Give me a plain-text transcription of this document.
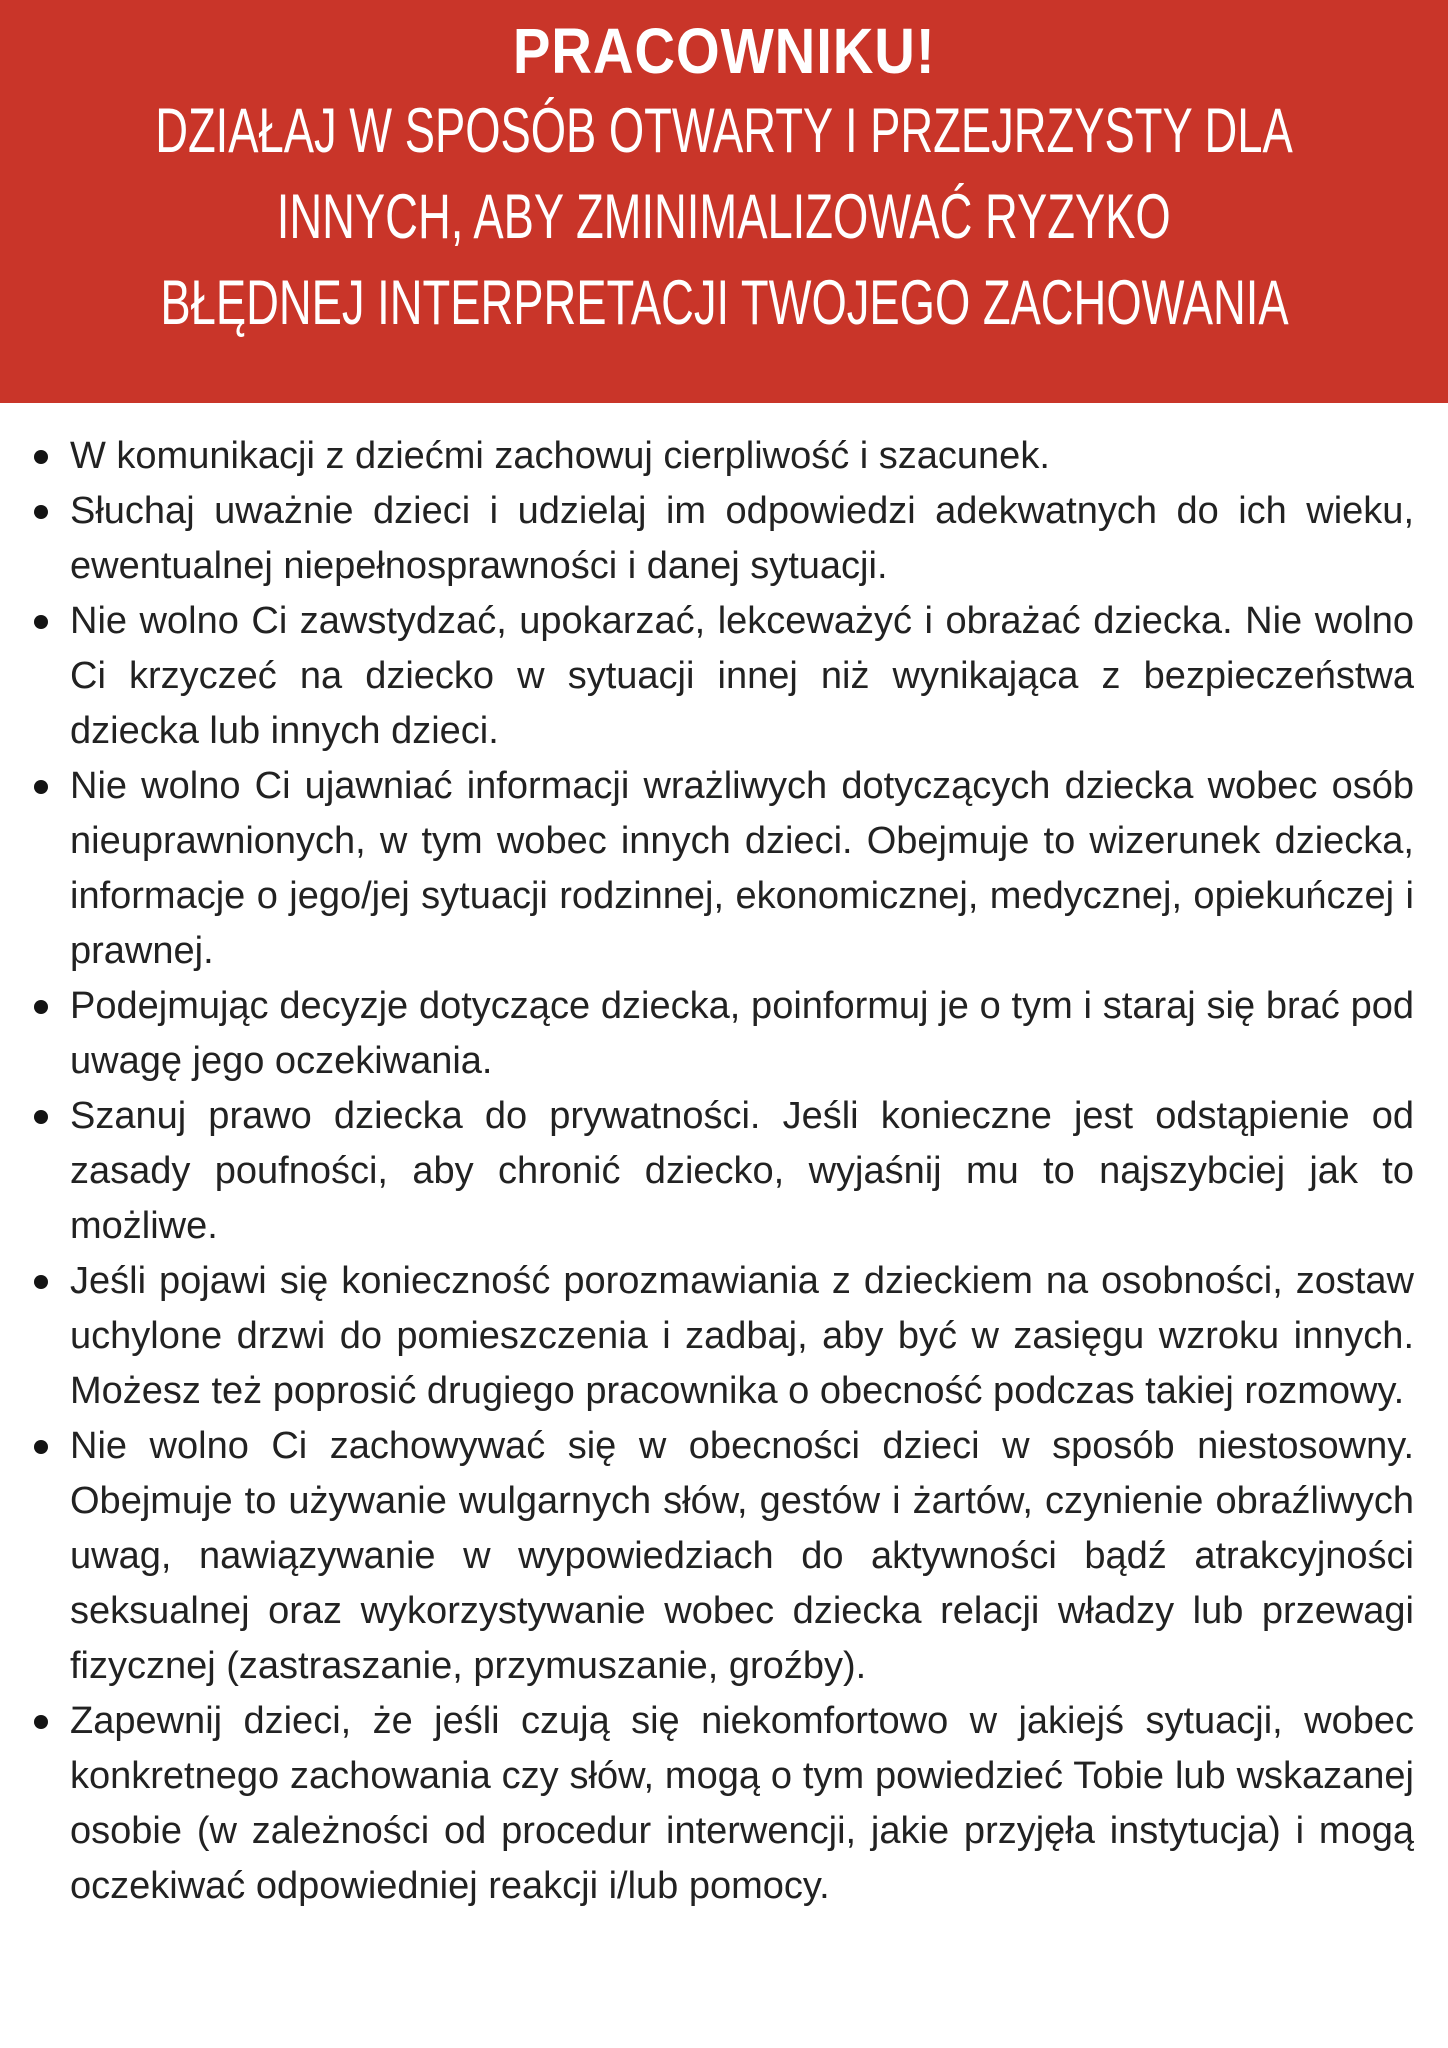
PRACOWNIKU!
DZIAŁAJ W SPOSÓB OTWARTY I PRZEJRZYSTY DLA
INNYCH, ABY ZMINIMALIZOWAĆ RYZYKO
BŁĘDNEJ INTERPRETACJI TWOJEGO ZACHOWANIA
W komunikacji z dziećmi zachowuj cierpliwość i szacunek.
Słuchaj uważnie dzieci i udzielaj im odpowiedzi adekwatnych do ich wieku, ewentualnej niepełnosprawności i danej sytuacji.
Nie wolno Ci zawstydzać, upokarzać, lekceważyć i obrażać dziecka. Nie wolno Ci krzyczeć na dziecko w sytuacji innej niż wynikająca z bezpieczeństwa dziecka lub innych dzieci.
Nie wolno Ci ujawniać informacji wrażliwych dotyczących dziecka wobec osób nieuprawnionych, w tym wobec innych dzieci. Obejmuje to wizerunek dziecka, informacje o jego/jej sytuacji rodzinnej, ekonomicznej, medycznej, opiekuńczej i prawnej.
Podejmując decyzje dotyczące dziecka, poinformuj je o tym i staraj się brać pod uwagę jego oczekiwania.
Szanuj prawo dziecka do prywatności. Jeśli konieczne jest odstąpienie od zasady poufności, aby chronić dziecko, wyjaśnij mu to najszybciej jak to możliwe.
Jeśli pojawi się konieczność porozmawiania z dzieckiem na osobności, zostaw uchylone drzwi do pomieszczenia i zadbaj, aby być w zasięgu wzroku innych. Możesz też poprosić drugiego pracownika o obecność podczas takiej rozmowy.
Nie wolno Ci zachowywać się w obecności dzieci w sposób niestosowny. Obejmuje to używanie wulgarnych słów, gestów i żartów, czynienie obraźliwych uwag, nawiązywanie w wypowiedziach do aktywności bądź atrakcyjności seksualnej oraz wykorzystywanie wobec dziecka relacji władzy lub przewagi fizycznej (zastraszanie, przymuszanie, groźby).
Zapewnij dzieci, że jeśli czują się niekomfortowo w jakiejś sytuacji, wobec konkretnego zachowania czy słów, mogą o tym powiedzieć Tobie lub wskazanej osobie (w zależności od procedur interwencji, jakie przyjęła instytucja) i mogą oczekiwać odpowiedniej reakcji i/lub pomocy.
